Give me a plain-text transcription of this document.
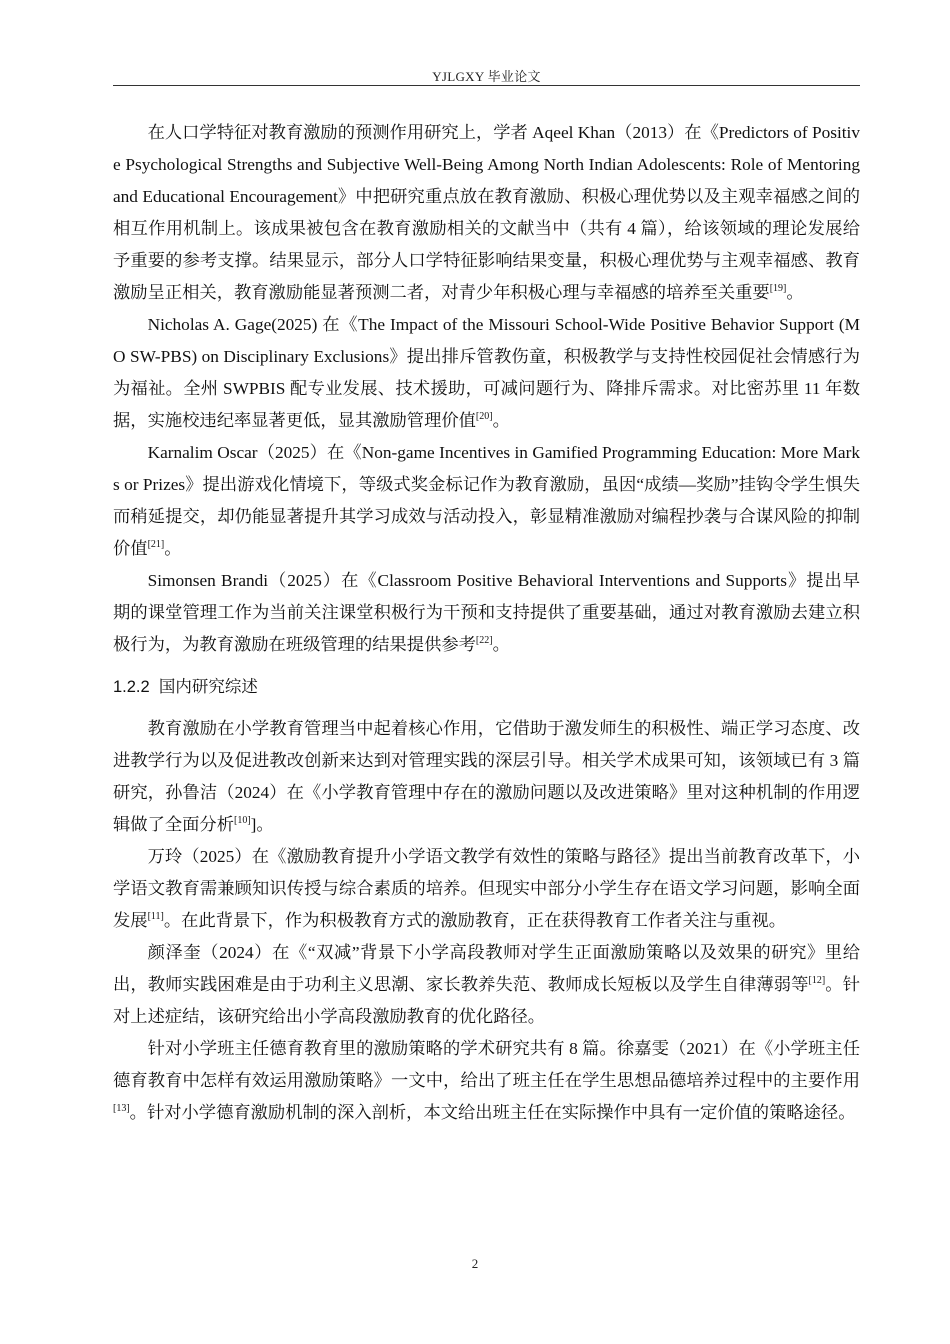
YJLGXY 毕业论文

在人口学特征对教育激励的预测作用研究上，学者 Aqeel Khan（2013）在《Predictors of Positive Psychological Strengths and Subjective Well-Being Among North Indian Adolescents: Role of Mentoring and Educational Encouragement》中把研究重点放在教育激励、积极心理优势以及主观幸福感之间的相互作用机制上。该成果被包含在教育激励相关的文献当中（共有 4 篇），给该领域的理论发展给予重要的参考支撑。结果显示，部分人口学特征影响结果变量，积极心理优势与主观幸福感、教育激励呈正相关，教育激励能显著预测二者，对青少年积极心理与幸福感的培养至关重要[19]。

Nicholas A. Gage(2025) 在《The Impact of the Missouri School-Wide Positive Behavior Support (MO SW-PBS) on Disciplinary Exclusions》提出排斥管教伤童，积极教学与支持性校园促社会情感行为为福祉。全州 SWPBIS 配专业发展、技术援助，可减问题行为、降排斥需求。对比密苏里 11 年数据，实施校违纪率显著更低，显其激励管理价值[20]。

Karnalim Oscar（2025）在《Non-game Incentives in Gamified Programming Education: More Marks or Prizes》提出游戏化情境下，等级式奖金标记作为教育激励，虽因“成绩—奖励”挂钩令学生惧失而稍延提交，却仍能显著提升其学习成效与活动投入，彰显精准激励对编程抄袭与合谋风险的抑制价值[21]。

Simonsen Brandi（2025）在《Classroom Positive Behavioral Interventions and Supports》提出早期的课堂管理工作为当前关注课堂积极行为干预和支持提供了重要基础，通过对教育激励去建立积极行为，为教育激励在班级管理的结果提供参考[22]。

1.2.2 国内研究综述

教育激励在小学教育管理当中起着核心作用，它借助于激发师生的积极性、端正学习态度、改进教学行为以及促进教改创新来达到对管理实践的深层引导。相关学术成果可知，该领域已有 3 篇研究，孙鲁洁（2024）在《小学教育管理中存在的激励问题以及改进策略》里对这种机制的作用逻辑做了全面分析[10]]。

万玲（2025）在《激励教育提升小学语文教学有效性的策略与路径》提出当前教育改革下，小学语文教育需兼顾知识传授与综合素质的培养。但现实中部分小学生存在语文学习问题，影响全面发展[11]。在此背景下，作为积极教育方式的激励教育，正在获得教育工作者关注与重视。

颜泽奎（2024）在《“双减”背景下小学高段教师对学生正面激励策略以及效果的研究》里给出，教师实践困难是由于功利主义思潮、家长教养失范、教师成长短板以及学生自律薄弱等[12]。针对上述症结，该研究给出小学高段激励教育的优化路径。

针对小学班主任德育教育里的激励策略的学术研究共有 8 篇。徐嘉雯（2021）在《小学班主任德育教育中怎样有效运用激励策略》一文中，给出了班主任在学生思想品德培养过程中的主要作用[13]。针对小学德育激励机制的深入剖析，本文给出班主任在实际操作中具有一定价值的策略途径。

2
